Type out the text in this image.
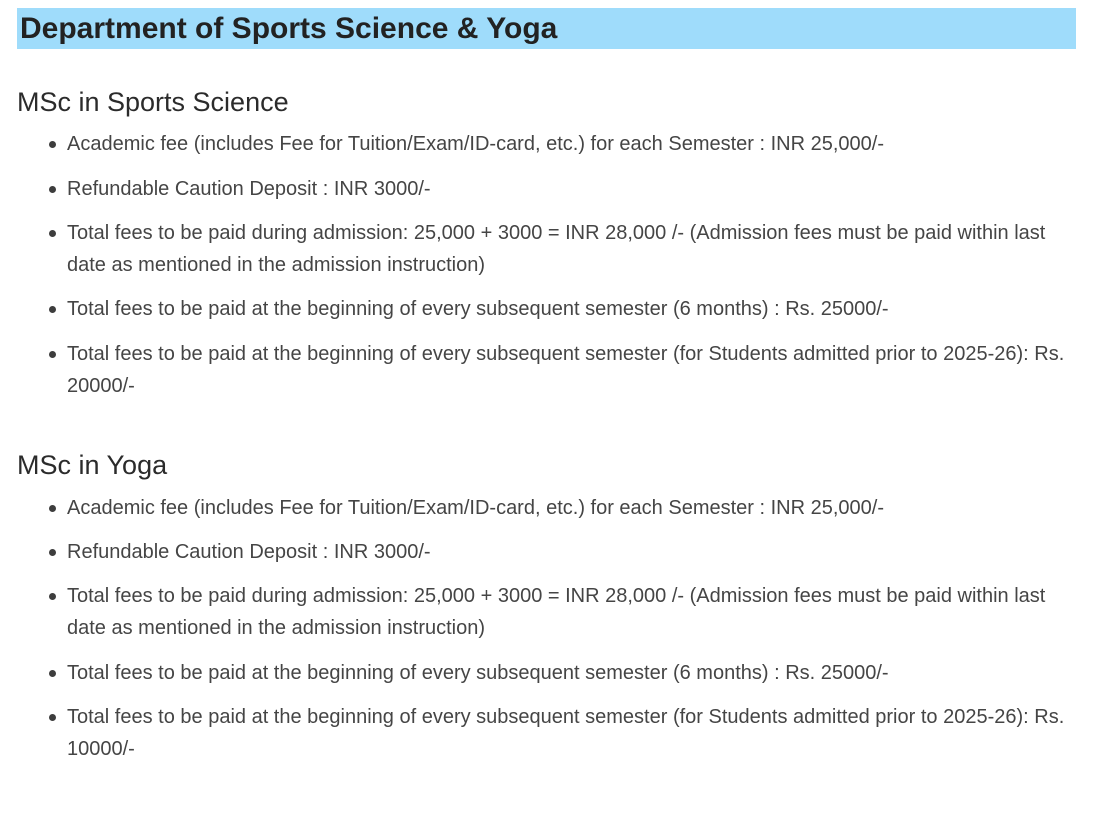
Department of Sports Science & Yoga
MSc in Sports Science
Academic fee (includes Fee for Tuition/Exam/ID-card, etc.) for each Semester : INR 25,000/-
Refundable Caution Deposit : INR 3000/-
Total fees to be paid during admission: 25,000 + 3000 = INR 28,000 /- (Admission fees must be paid within last date as mentioned in the admission instruction)
Total fees to be paid at the beginning of every subsequent semester (6 months) : Rs. 25000/-
Total fees to be paid at the beginning of every subsequent semester (for Students admitted prior to 2025-26): Rs. 20000/-
MSc in Yoga
Academic fee (includes Fee for Tuition/Exam/ID-card, etc.) for each Semester : INR 25,000/-
Refundable Caution Deposit : INR 3000/-
Total fees to be paid during admission: 25,000 + 3000 = INR 28,000 /- (Admission fees must be paid within last date as mentioned in the admission instruction)
Total fees to be paid at the beginning of every subsequent semester (6 months) : Rs. 25000/-
Total fees to be paid at the beginning of every subsequent semester (for Students admitted prior to 2025-26): Rs. 10000/-
